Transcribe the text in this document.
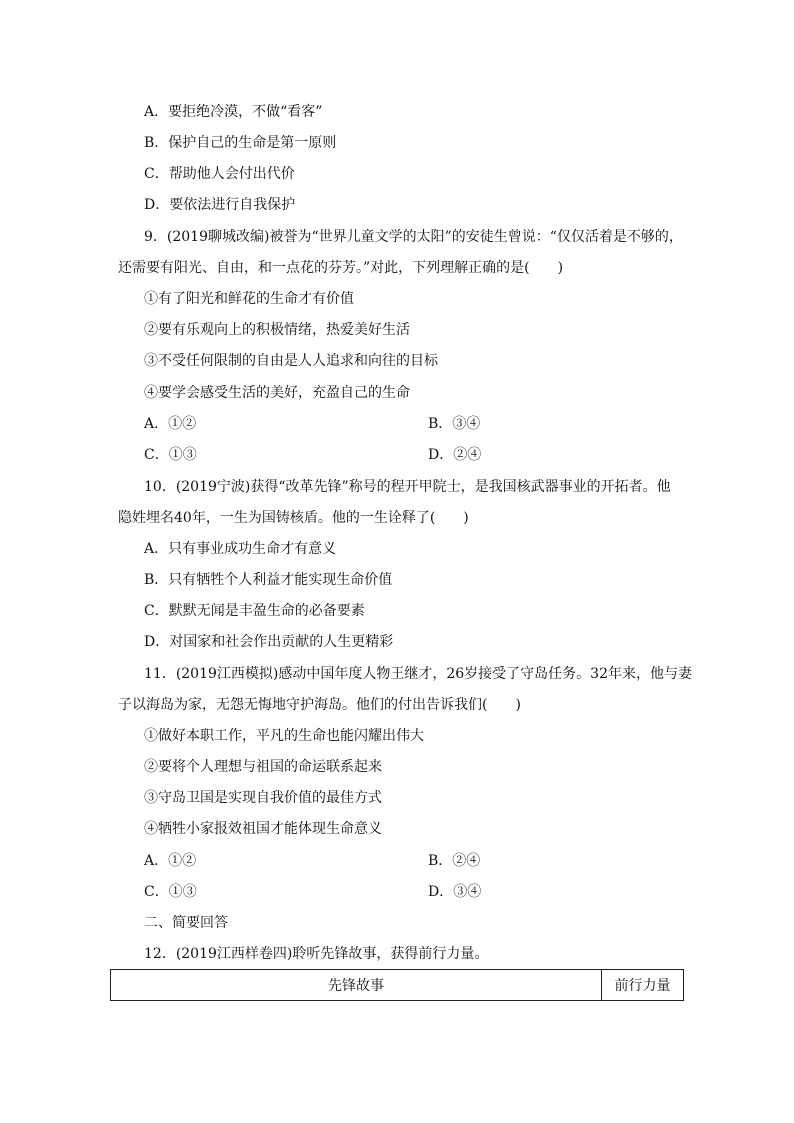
A．要拒绝冷漠，不做“看客”
B．保护自己的生命是第一原则
C．帮助他人会付出代价
D．要依法进行自我保护
9．(2019聊城改编)被誉为“世界儿童文学的太阳”的安徒生曾说：“仅仅活着是不够的，
还需要有阳光、自由，和一点花的芬芳。”对此，下列理解正确的是(　　)
①有了阳光和鲜花的生命才有价值
②要有乐观向上的积极情绪，热爱美好生活
③不受任何限制的自由是人人追求和向往的目标
④要学会感受生活的美好，充盈自己的生命
A．①②	B．③④
C．①③	D．②④
10．(2019宁波)获得“改革先锋”称号的程开甲院士，是我国核武器事业的开拓者。他
隐姓埋名40年，一生为国铸核盾。他的一生诠释了(　　)
A．只有事业成功生命才有意义
B．只有牺牲个人利益才能实现生命价值
C．默默无闻是丰盈生命的必备要素
D．对国家和社会作出贡献的人生更精彩
11．(2019江西模拟)感动中国年度人物王继才，26岁接受了守岛任务。32年来，他与妻
子以海岛为家，无怨无悔地守护海岛。他们的付出告诉我们(　　)
①做好本职工作，平凡的生命也能闪耀出伟大
②要将个人理想与祖国的命运联系起来
③守岛卫国是实现自我价值的最佳方式
④牺牲小家报效祖国才能体现生命意义
A．①②	B．②④
C．①③	D．③④
二、简要回答
12．(2019江西样卷四)聆听先锋故事，获得前行力量。
先锋故事	前行力量
